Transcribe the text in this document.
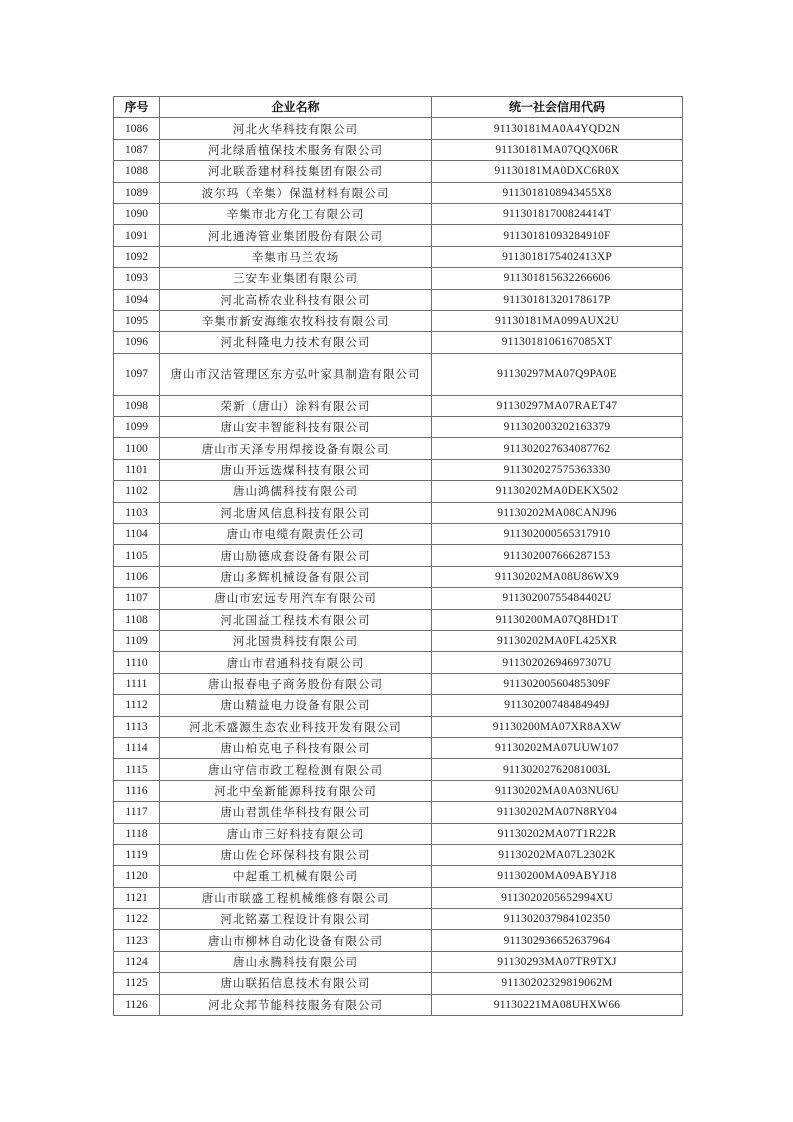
序号	企业名称	统一社会信用代码
1086	河北火华科技有限公司	91130181MA0A4YQD2N
1087	河北绿盾植保技术服务有限公司	91130181MA07QQX06R
1088	河北联岙建材科技集团有限公司	91130181MA0DXC6R0X
1089	波尔玛（辛集）保温材料有限公司	9113018108943455X8
1090	辛集市北方化工有限公司	91130181700824414T
1091	河北通涛管业集团股份有限公司	91130181093284910F
1092	辛集市马兰农场	9113018175402413XP
1093	三安车业集团有限公司	911301815632266606
1094	河北高桥农业科技有限公司	91130181320178617P
1095	辛集市新安海维农牧科技有限公司	91130181MA099AUX2U
1096	河北科隆电力技术有限公司	9113018106167085XT
1097	唐山市汉沽管理区东方弘叶家具制造有限公司	91130297MA07Q9PA0E
1098	荣新（唐山）涂料有限公司	91130297MA07RAET47
1099	唐山安丰智能科技有限公司	911302003202163379
1100	唐山市天泽专用焊接设备有限公司	911302027634087762
1101	唐山开远选煤科技有限公司	911302027575363330
1102	唐山鸿儒科技有限公司	91130202MA0DEKX502
1103	河北唐风信息科技有限公司	91130202MA08CANJ96
1104	唐山市电缆有限责任公司	911302000565317910
1105	唐山励德成套设备有限公司	911302007666287153
1106	唐山多辉机械设备有限公司	91130202MA08U86WX9
1107	唐山市宏远专用汽车有限公司	91130200755484402U
1108	河北国益工程技术有限公司	91130200MA07Q8HD1T
1109	河北国贵科技有限公司	91130202MA0FL425XR
1110	唐山市君通科技有限公司	91130202694697307U
1111	唐山报春电子商务股份有限公司	91130200560485309F
1112	唐山精益电力设备有限公司	91130200748484949J
1113	河北禾盛源生态农业科技开发有限公司	91130200MA07XR8AXW
1114	唐山柏克电子科技有限公司	91130202MA07UUW107
1115	唐山守信市政工程检测有限公司	91130202762081003L
1116	河北中垒新能源科技有限公司	91130202MA0A03NU6U
1117	唐山君凯佳华科技有限公司	91130202MA07N8RY04
1118	唐山市三好科技有限公司	91130202MA07T1R22R
1119	唐山佐仑环保科技有限公司	91130202MA07L2302K
1120	中起重工机械有限公司	91130200MA09ABYJ18
1121	唐山市联盛工程机械维修有限公司	9113020205652994XU
1122	河北铭嘉工程设计有限公司	911302037984102350
1123	唐山市柳林自动化设备有限公司	911302936652637964
1124	唐山永腾科技有限公司	91130293MA07TR9TXJ
1125	唐山联拓信息技术有限公司	91130202329819062M
1126	河北众邦节能科技服务有限公司	91130221MA08UHXW66
